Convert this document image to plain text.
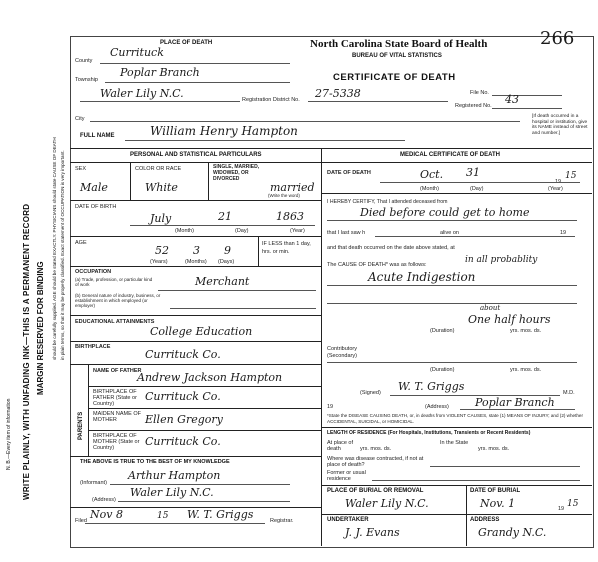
N. B.—Every item of information WRITE PLAINLY, WITH UNFADING INK—THIS IS A PERMANENT RECORD MARGIN RESERVED FOR BINDING should be carefully supplied. AGE should be stated EXACTLY. PHYSICIANS should state CAUSE OF DEATH in plain terms, so that it may be properly classified. Exact statement of OCCUPATION is very important.
266
PLACE OF DEATH
County
Currituck
Township
Poplar Branch
Waler Lily N.C.	Registration District No. 27-5338
City
FULL NAME	William Henry Hampton
North Carolina State Board of Health
BUREAU OF VITAL STATISTICS
CERTIFICATE OF DEATH
File No.
Registered No. 43
[If death occurred in a hospital or institution, give its NAME instead of street and number.]
PERSONAL AND STATISTICAL PARTICULARS
SEX	COLOR OR RACE	SINGLE, MARRIED, WIDOWED, OR DIVORCED
(Write the word)
Male	White	married
DATE OF BIRTH
July	21	1863
(Month)	(Day)	(Year)
AGE
52 3 9
(Years)	(Months) (Days)
IF LESS than 1 day, hrs. or min.
OCCUPATION
(a) Trade, profession, or particular kind of work
(b) General nature of industry, business, or establishment in which employed (or employer)
Merchant
EDUCATIONAL ATTAINMENTS
College Education
BIRTHPLACE
Currituck Co.
PARENTS
NAME OF FATHER
Andrew Jackson Hampton
BIRTHPLACE OF FATHER (State or Country)
Currituck Co.
MAIDEN NAME OF MOTHER	Ellen Gregory
BIRTHPLACE OF MOTHER (State or Country)	Currituck Co.
THE ABOVE IS TRUE TO THE BEST OF MY KNOWLEDGE
(Informant)
Arthur Hampton
(Address)
Waler Lily N.C.
Filed Nov 8	15 W. T. Griggs	Registrar.
MEDICAL CERTIFICATE OF DEATH
DATE OF DEATH	Oct. 31
19
15
(Month)	(Day)	(Year)
I HEREBY CERTIFY, That I attended deceased from
Died before could get to home
that I last saw h	alive on	19
and that death occurred on the date above stated, at
The CAUSE OF DEATH* was as follows:	in all probablity
Acute Indigestion
about
One half hours
(Duration)	yrs. mos. ds.
Contributory
(Secondary)
(Duration)	yrs. mos. ds.
(Signed) W. T. Griggs	M.D.
19	(Address) Poplar Branch
*State the DISEASE CAUSING DEATH, or, in deaths from VIOLENT CAUSES, state (1) MEANS OF INJURY; and (2) whether ACCIDENTAL, SUICIDAL, or HOMICIDAL.
LENGTH OF RESIDENCE (For Hospitals, Institutions, Transients or Recent Residents)
At place of death	yrs. mos. ds.
In the State
yrs. mos. ds.
Where was disease contracted, if not at place of death?
Former or usual residence
PLACE OF BURIAL OR REMOVAL
Waler Lily N.C.
DATE OF BURIAL
Nov. 1	19 15
UNDERTAKER
J. J. Evans
ADDRESS
Grandy N.C.
